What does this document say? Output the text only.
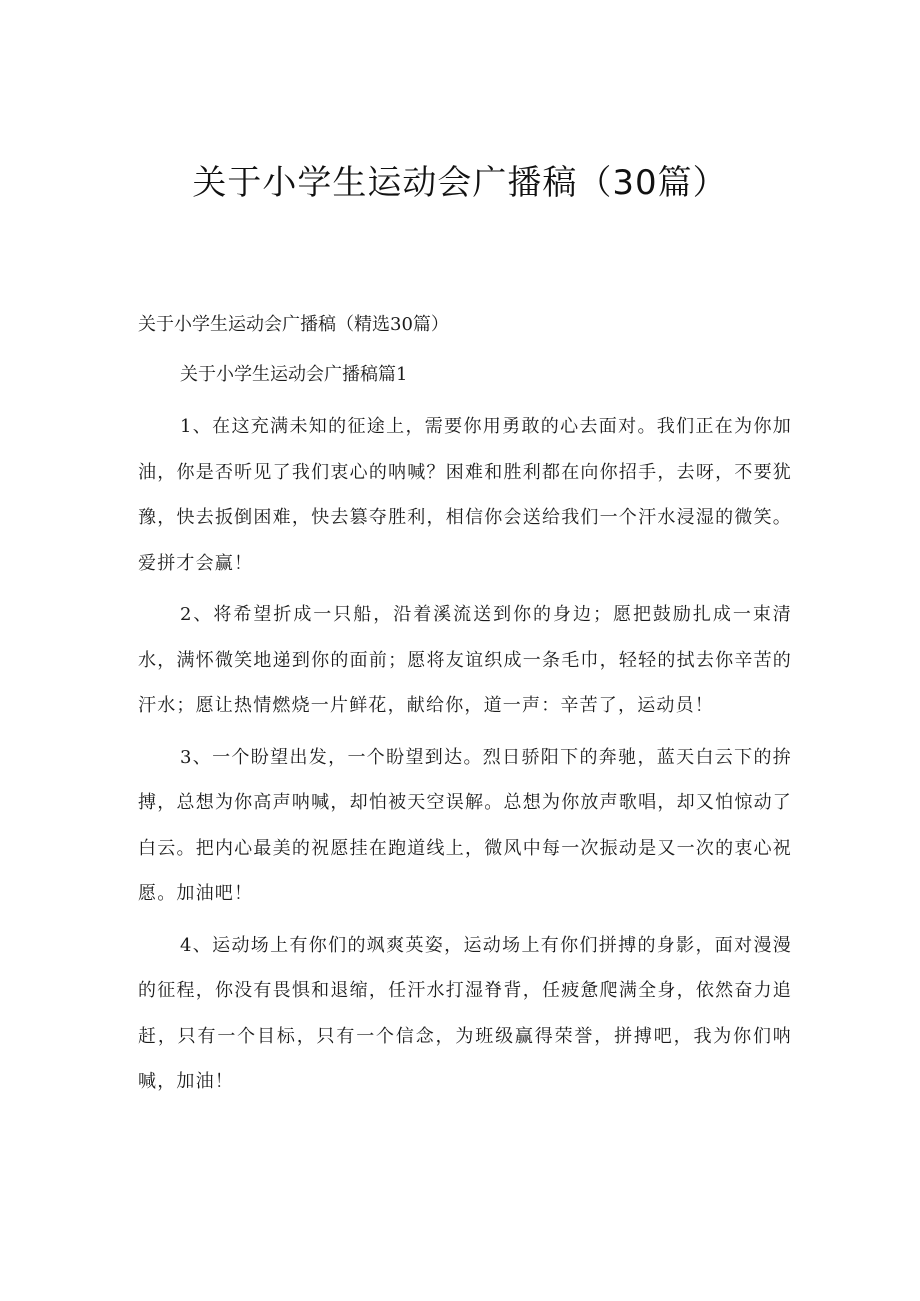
关于小学生运动会广播稿（30篇）

关于小学生运动会广播稿（精选30篇）

关于小学生运动会广播稿篇1

1、在这充满未知的征途上，需要你用勇敢的心去面对。我们正在为你加油，你是否听见了我们衷心的呐喊？困难和胜利都在向你招手，去呀，不要犹豫，快去扳倒困难，快去篡夺胜利，相信你会送给我们一个汗水浸湿的微笑。爱拼才会赢！

2、将希望折成一只船，沿着溪流送到你的身边；愿把鼓励扎成一束清水，满怀微笑地递到你的面前；愿将友谊织成一条毛巾，轻轻的拭去你辛苦的汗水；愿让热情燃烧一片鲜花，献给你，道一声：辛苦了，运动员！

3、一个盼望出发，一个盼望到达。烈日骄阳下的奔驰，蓝天白云下的拚搏，总想为你高声呐喊，却怕被天空误解。总想为你放声歌唱，却又怕惊动了白云。把内心最美的祝愿挂在跑道线上，微风中每一次振动是又一次的衷心祝愿。加油吧！

4、运动场上有你们的飒爽英姿，运动场上有你们拼搏的身影，面对漫漫的征程，你没有畏惧和退缩，任汗水打湿脊背，任疲惫爬满全身，依然奋力追赶，只有一个目标，只有一个信念，为班级赢得荣誉，拼搏吧，我为你们呐喊，加油！
